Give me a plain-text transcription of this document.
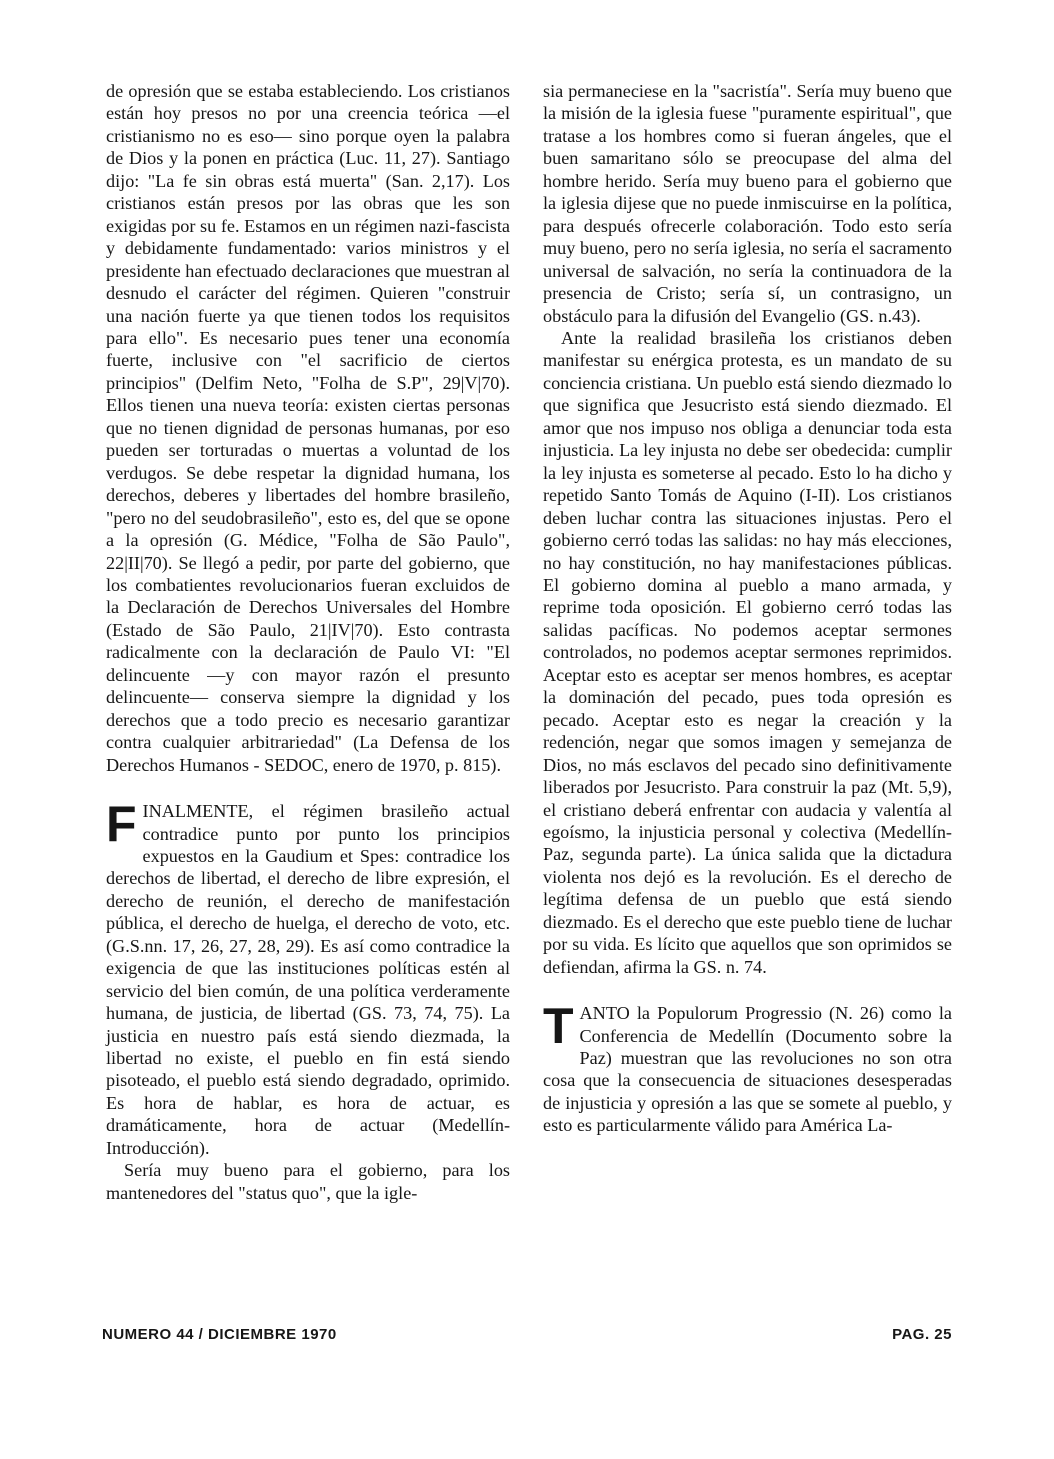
de opresión que se estaba estableciendo. Los cristianos están hoy presos no por una creencia teórica —el cristianismo no es eso— sino porque oyen la palabra de Dios y la ponen en práctica (Luc. 11, 27). Santiago dijo: "La fe sin obras está muerta" (San. 2,17). Los cristianos están presos por las obras que les son exigidas por su fe. Estamos en un régimen nazi-fascista y debidamente fundamentado: varios ministros y el presidente han efectuado declaraciones que muestran al desnudo el carácter del régimen. Quieren "construir una nación fuerte ya que tienen todos los requisitos para ello". Es necesario pues tener una economía fuerte, inclusive con "el sacrificio de ciertos principios" (Delfim Neto, "Folha de S.P", 29|V|70). Ellos tienen una nueva teoría: existen ciertas personas que no tienen dignidad de personas humanas, por eso pueden ser torturadas o muertas a voluntad de los verdugos. Se debe respetar la dignidad humana, los derechos, deberes y libertades del hombre brasileño, "pero no del seudobrasileño", esto es, del que se opone a la opresión (G. Médice, "Folha de São Paulo", 22|II|70). Se llegó a pedir, por parte del gobierno, que los combatientes revolucionarios fueran excluidos de la Declaración de Derechos Universales del Hombre (Estado de São Paulo, 21|IV|70). Esto contrasta radicalmente con la declaración de Paulo VI: "El delincuente —y con mayor razón el presunto delincuente— conserva siempre la dignidad y los derechos que a todo precio es necesario garantizar contra cualquier arbitrariedad" (La Defensa de los Derechos Humanos - SEDOC, enero de 1970, p. 815).

FINALMENTE, el régimen brasileño actual contradice punto por punto los principios expuestos en la Gaudium et Spes: contradice los derechos de libertad, el derecho de libre expresión, el derecho de reunión, el derecho de manifestación pública, el derecho de huelga, el derecho de voto, etc. (G.S.nn. 17, 26, 27, 28, 29). Es así como contradice la exigencia de que las instituciones políticas estén al servicio del bien común, de una política verderamente humana, de justicia, de libertad (GS. 73, 74, 75). La justicia en nuestro país está siendo diezmada, la libertad no existe, el pueblo en fin está siendo pisoteado, el pueblo está siendo degradado, oprimido. Es hora de hablar, es hora de actuar, es dramáticamente, hora de actuar (Medellín-Introducción).

Sería muy bueno para el gobierno, para los mantenedores del "status quo", que la igle-

sia permaneciese en la "sacristía". Sería muy bueno que la misión de la iglesia fuese "puramente espiritual", que tratase a los hombres como si fueran ángeles, que el buen samaritano sólo se preocupase del alma del hombre herido. Sería muy bueno para el gobierno que la iglesia dijese que no puede inmiscuirse en la política, para después ofrecerle colaboración. Todo esto sería muy bueno, pero no sería iglesia, no sería el sacramento universal de salvación, no sería la continuadora de la presencia de Cristo; sería sí, un contrasigno, un obstáculo para la difusión del Evangelio (GS. n.43).

Ante la realidad brasileña los cristianos deben manifestar su enérgica protesta, es un mandato de su conciencia cristiana. Un pueblo está siendo diezmado lo que significa que Jesucristo está siendo diezmado. El amor que nos impuso nos obliga a denunciar toda esta injusticia. La ley injusta no debe ser obedecida: cumplir la ley injusta es someterse al pecado. Esto lo ha dicho y repetido Santo Tomás de Aquino (I-II). Los cristianos deben luchar contra las situaciones injustas. Pero el gobierno cerró todas las salidas: no hay más elecciones, no hay constitución, no hay manifestaciones públicas. El gobierno domina al pueblo a mano armada, y reprime toda oposición. El gobierno cerró todas las salidas pacíficas. No podemos aceptar sermones controlados, no podemos aceptar sermones reprimidos. Aceptar esto es aceptar ser menos hombres, es aceptar la dominación del pecado, pues toda opresión es pecado. Aceptar esto es negar la creación y la redención, negar que somos imagen y semejanza de Dios, no más esclavos del pecado sino definitivamente liberados por Jesucristo. Para construir la paz (Mt. 5,9), el cristiano deberá enfrentar con audacia y valentía al egoísmo, la injusticia personal y colectiva (Medellín-Paz, segunda parte). La única salida que la dictadura violenta nos dejó es la revolución. Es el derecho de legítima defensa de un pueblo que está siendo diezmado. Es el derecho que este pueblo tiene de luchar por su vida. Es lícito que aquellos que son oprimidos se defiendan, afirma la GS. n. 74.

TANTO la Populorum Progressio (N. 26) como la Conferencia de Medellín (Documento sobre la Paz) muestran que las revoluciones no son otra cosa que la consecuencia de situaciones desesperadas de injusticia y opresión a las que se somete al pueblo, y esto es particularmente válido para América La-

NUMERO 44 / DICIEMBRE 1970	PAG. 25
